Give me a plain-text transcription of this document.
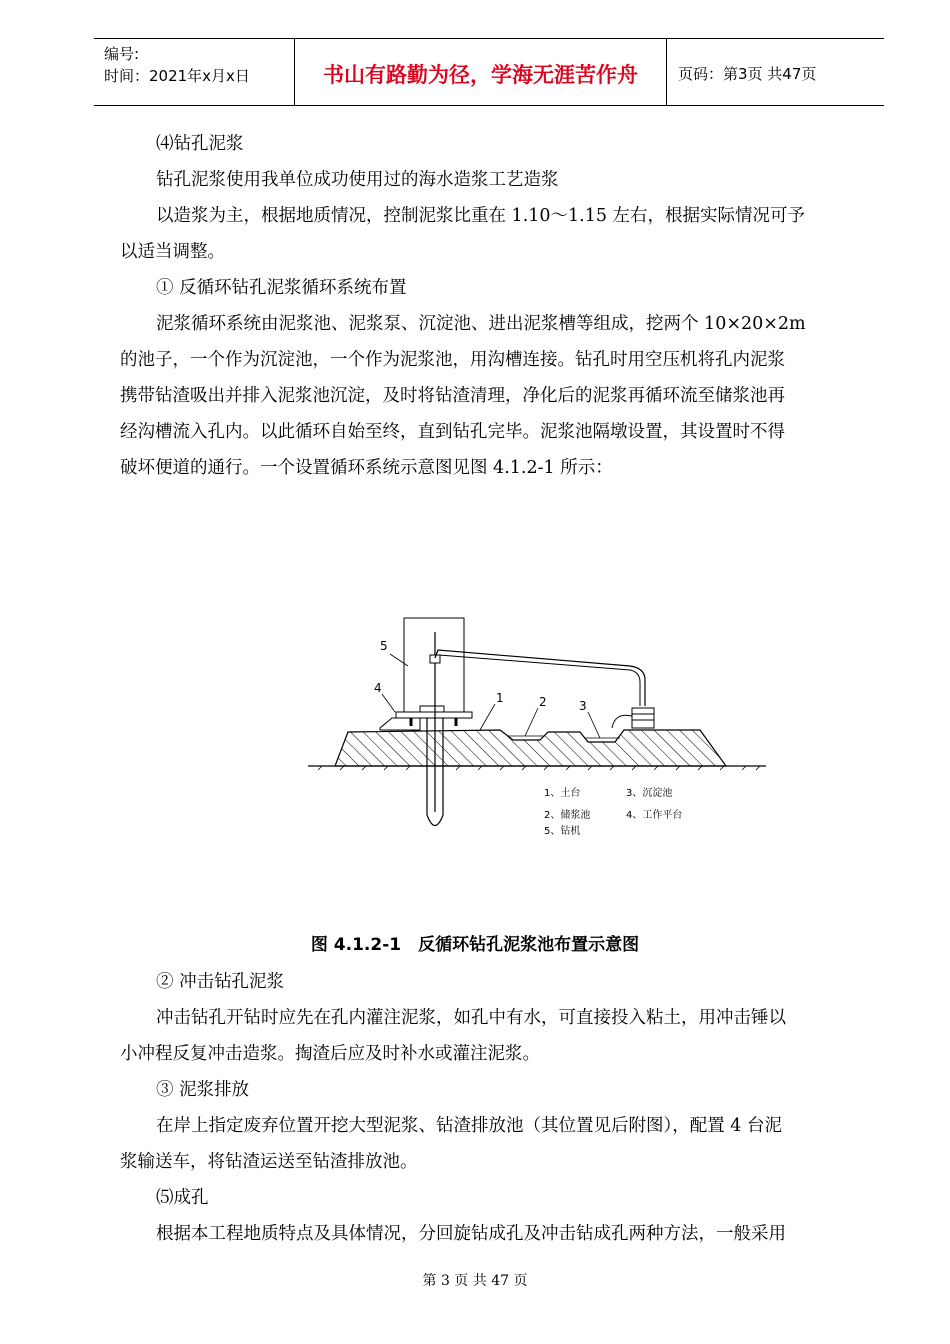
编号:
时间：2021年x月x日	书山有路勤为径，学海无涯苦作舟	页码：第3页 共47页
⑷钻孔泥浆
钻孔泥浆使用我单位成功使用过的海水造浆工艺造浆
以造浆为主，根据地质情况，控制泥浆比重在 1.10～1.15 左右，根据实际情况可予
以适当调整。
① 反循环钻孔泥浆循环系统布置
泥浆循环系统由泥浆池、泥浆泵、沉淀池、进出泥浆槽等组成，挖两个 10×20×2m
的池子，一个作为沉淀池，一个作为泥浆池，用沟槽连接。钻孔时用空压机将孔内泥浆
携带钻渣吸出并排入泥浆池沉淀，及时将钻渣清理，净化后的泥浆再循环流至储浆池再
经沟槽流入孔内。以此循环自始至终，直到钻孔完毕。泥浆池隔墩设置，其设置时不得
破坏便道的通行。一个设置循环系统示意图见图 4.1.2-1 所示：
5
4
1	2	3
1、土台	3、沉淀池
2、储浆池	4、工作平台
5、钻机
图 4.1.2-1　反循环钻孔泥浆池布置示意图
② 冲击钻孔泥浆
冲击钻孔开钻时应先在孔内灌注泥浆，如孔中有水，可直接投入粘土，用冲击锤以
小冲程反复冲击造浆。掏渣后应及时补水或灌注泥浆。
③ 泥浆排放
在岸上指定废弃位置开挖大型泥浆、钻渣排放池（其位置见后附图），配置 4 台泥
浆输送车，将钻渣运送至钻渣排放池。
⑸成孔
根据本工程地质特点及具体情况，分回旋钻成孔及冲击钻成孔两种方法，一般采用
第 3 页 共 47 页
